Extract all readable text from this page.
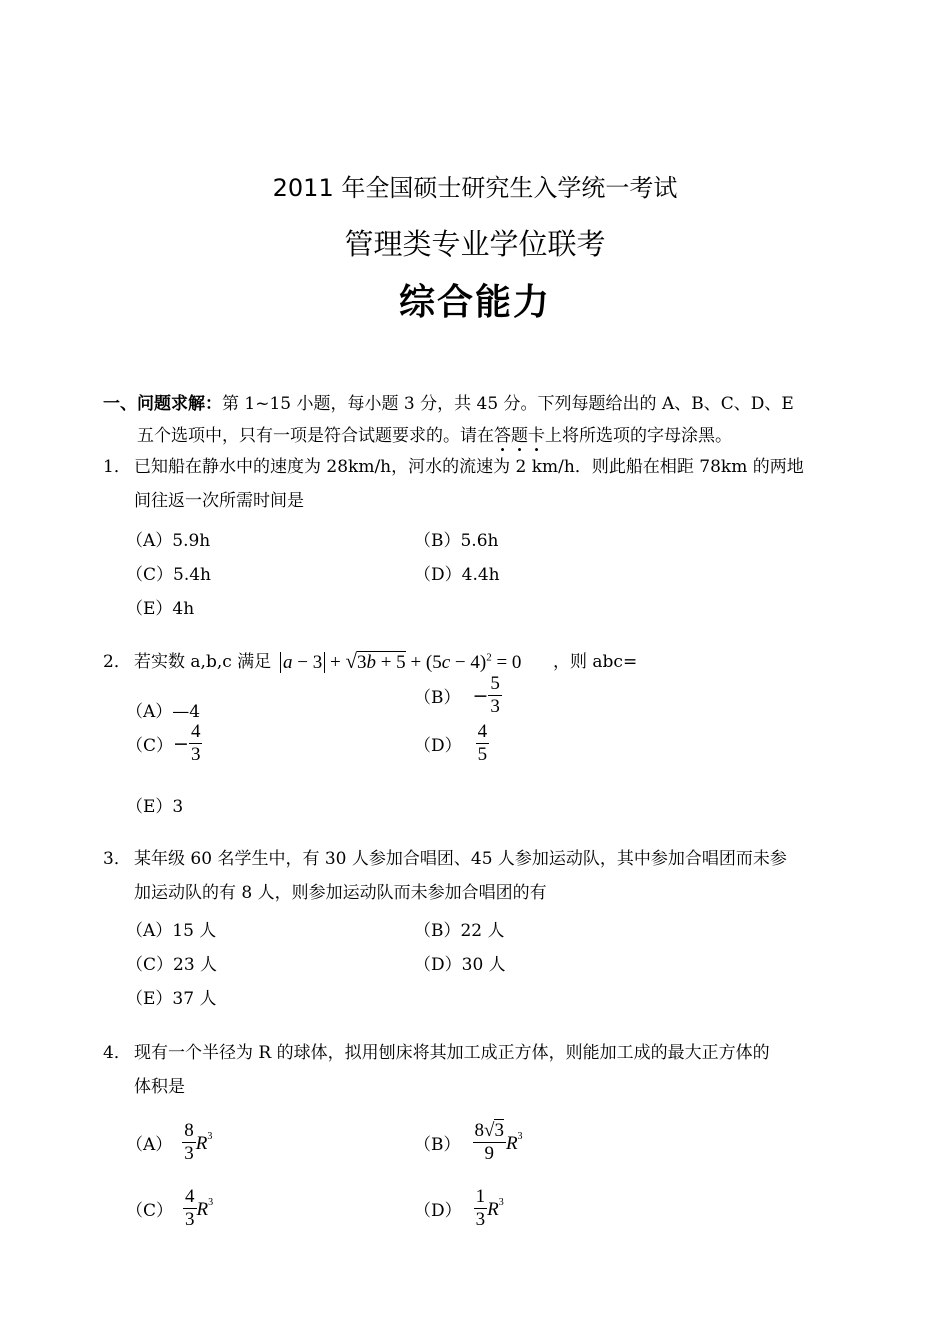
2011 年全国硕士研究生入学统一考试
管理类专业学位联考
综合能力
一、问题求解：第 1~15 小题，每小题 3 分，共 45 分。下列每题给出的 A、B、C、D、E
五个选项中，只有一项是符合试题要求的。请在答题卡上将所选项的字母涂黑。
1． 已知船在静水中的速度为 28km/h，河水的流速为 2 km/h．则此船在相距 78km 的两地
间往返一次所需时间是
（A）5.9h	（B）5.6h
（C）5.4h	（D）4.4h
（E）4h
2． 若实数 a,b,c 满足 $a - 3 + √3b + 5 + (5c - 4)^2 = 0$ ，则 abc=
（A）—4
$(B) - \frac{5}{3}$
$(C)- \frac{4}{3}$	$(D) \frac{4}{5}$
（E）3
3． 某年级 60 名学生中，有 30 人参加合唱团、45 人参加运动队，其中参加合唱团而未参
加运动队的有 8 人，则参加运动队而未参加合唱团的有
（A）15 人	（B）22 人
（C）23 人	（D）30 人
（E）37 人
4． 现有一个半径为 R 的球体，拟用刨床将其加工成正方体，则能加工成的最大正方体的
体积是
$(A) \frac{8}{3} R^3$	$(B) \frac{8√3}{9} R^3$
$(C) \frac{4}{3} R^3$	$(D) \frac{1}{3} R^3$
